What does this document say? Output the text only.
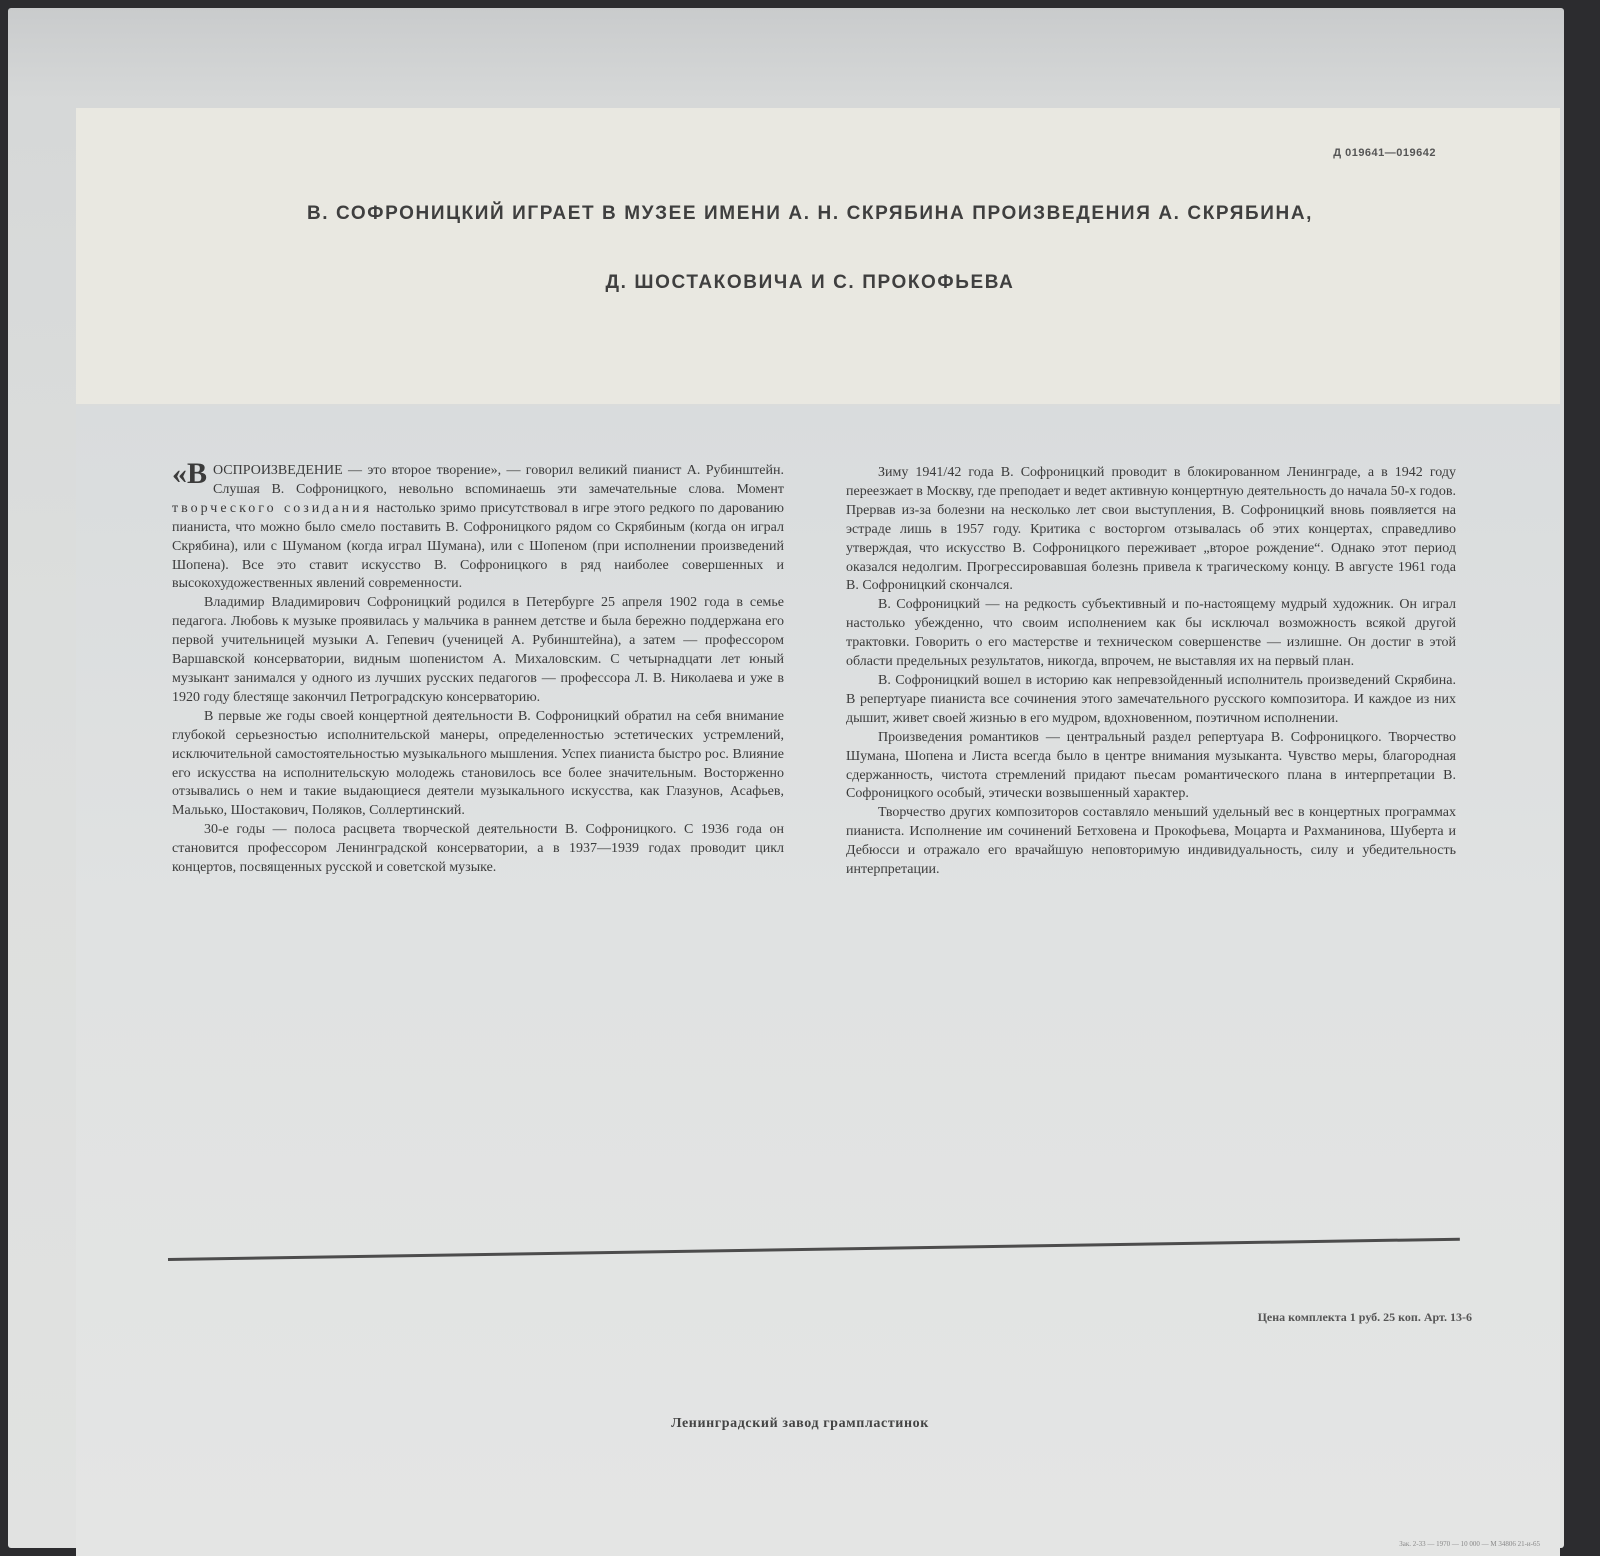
Д 019641—019642
В. СОФРОНИЦКИЙ ИГРАЕТ В МУЗЕЕ ИМЕНИ А. Н. СКРЯБИНА ПРОИЗВЕДЕНИЯ А. СКРЯБИНА,
Д. ШОСТАКОВИЧА И С. ПРОКОФЬЕВА

«ВОСПРОИЗВЕДЕНИЕ — это второе творение», — говорил великий пианист А. Рубинштейн. Слушая В. Софроницкого, невольно вспоминаешь эти замечательные слова. Момент творческого созидания настолько зримо присутствовал в игре этого редкого по дарованию пианиста, что можно было смело поставить В. Софроницкого рядом со Скрябиным (когда он играл Скрябина), или с Шуманом (когда играл Шумана), или с Шопеном (при исполнении произведений Шопена). Все это ставит искусство В. Софроницкого в ряд наиболее совершенных и высокохудожественных явлений современности.

Владимир Владимирович Софроницкий родился в Петербурге 25 апреля 1902 года в семье педагога. Любовь к музыке проявилась у мальчика в раннем детстве и была бережно поддержана его первой учительницей музыки А. Гепевич (ученицей А. Рубинштейна), а затем — профессором Варшавской консерватории, видным шопенистом А. Михаловским. С четырнадцати лет юный музыкант занимался у одного из лучших русских педагогов — профессора Л. В. Николаева и уже в 1920 году блестяще закончил Петроградскую консерваторию.

В первые же годы своей концертной деятельности В. Софроницкий обратил на себя внимание глубокой серьезностью исполнительской манеры, определенностью эстетических устремлений, исключительной самостоятельностью музыкального мышления. Успех пианиста быстро рос. Влияние его искусства на исполнительскую молодежь становилось все более значительным. Восторженно отзывались о нем и такие выдающиеся деятели музыкального искусства, как Глазунов, Асафьев, Мальько, Шостакович, Поляков, Соллертинский.

30-е годы — полоса расцвета творческой деятельности В. Софроницкого. С 1936 года он становится профессором Ленинградской консерватории, а в 1937—1939 годах проводит цикл концертов, посвященных русской и советской музыке.

Зиму 1941/42 года В. Софроницкий проводит в блокированном Ленинграде, а в 1942 году переезжает в Москву, где преподает и ведет активную концертную деятельность до начала 50-х годов. Прервав из-за болезни на несколько лет свои выступления, В. Софроницкий вновь появляется на эстраде лишь в 1957 году. Критика с восторгом отзывалась об этих концертах, справедливо утверждая, что искусство В. Софроницкого переживает „второе рождение“. Однако этот период оказался недолгим. Прогрессировавшая болезнь привела к трагическому концу. В августе 1961 года В. Софроницкий скончался.

В. Софроницкий — на редкость субъективный и по-настоящему мудрый художник. Он играл настолько убежденно, что своим исполнением как бы исключал возможность всякой другой трактовки. Говорить о его мастерстве и техническом совершенстве — излишне. Он достиг в этой области предельных результатов, никогда, впрочем, не выставляя их на первый план.

В. Софроницкий вошел в историю как непревзойденный исполнитель произведений Скрябина. В репертуаре пианиста все сочинения этого замечательного русского композитора. И каждое из них дышит, живет своей жизнью в его мудром, вдохновенном, поэтичном исполнении.

Произведения романтиков — центральный раздел репертуара В. Софроницкого. Творчество Шумана, Шопена и Листа всегда было в центре внимания музыканта. Чувство меры, благородная сдержанность, чистота стремлений придают пьесам романтического плана в интерпретации В. Софроницкого особый, этически возвышенный характер.

Творчество других композиторов составляло меньший удельный вес в концертных программах пианиста. Исполнение им сочинений Бетховена и Прокофьева, Моцарта и Рахманинова, Шуберта и Дебюсси и отражало его врачайшую неповторимую индивидуальность, силу и убедительность интерпретации.

Цена комплекта 1 руб. 25 коп. Арт. 13-6
Ленинградский завод грампластинок
Зак. 2-33 — 1970 — 10 000 — М 34806 21-и-65
